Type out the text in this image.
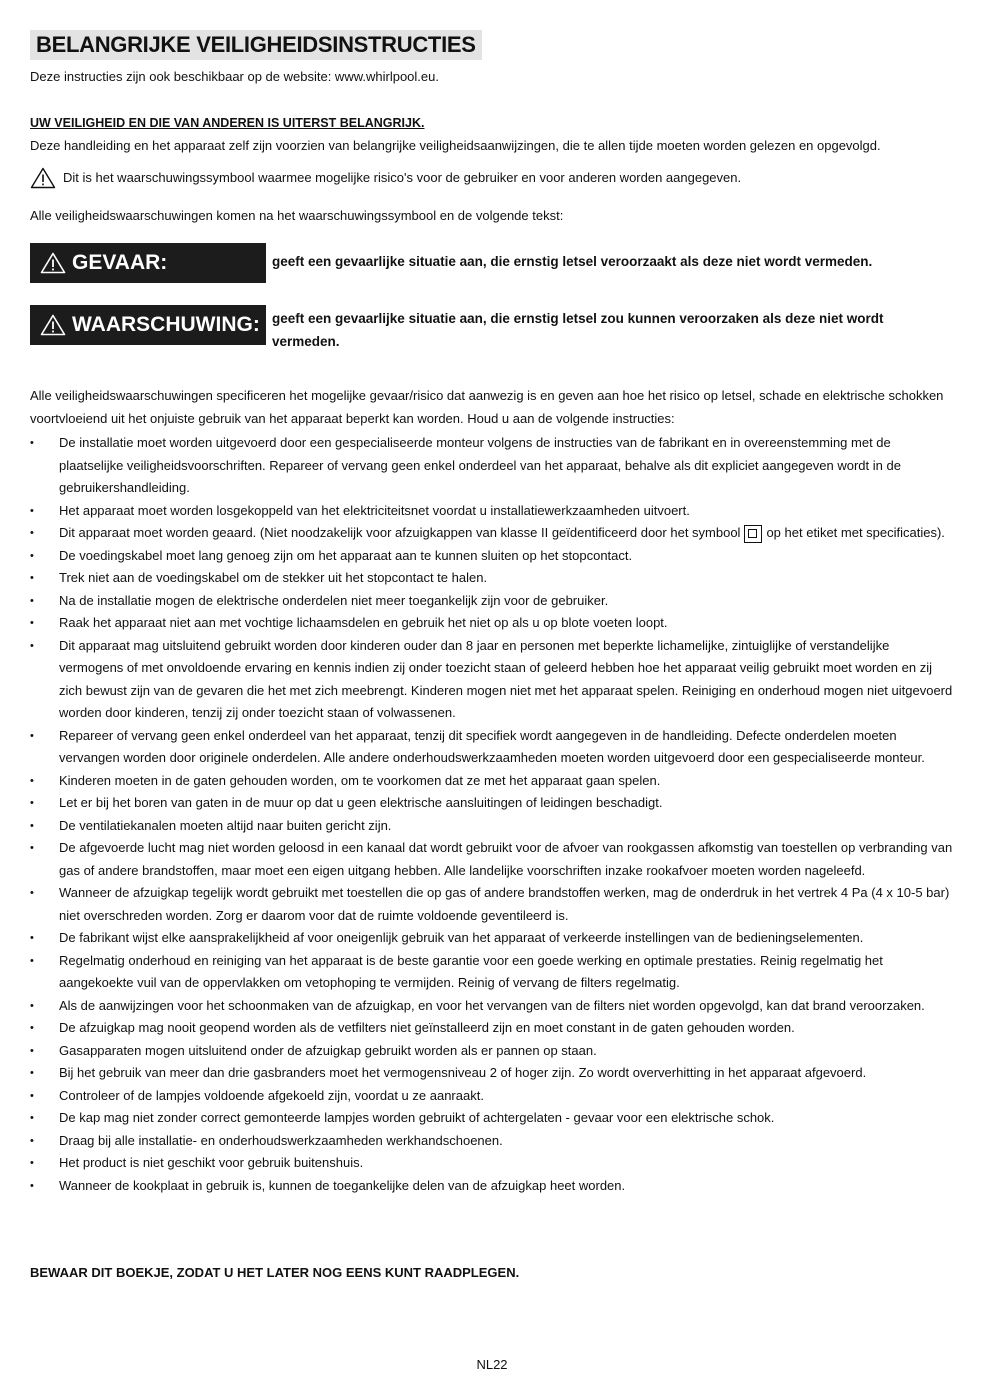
BELANGRIJKE VEILIGHEIDSINSTRUCTIES
Deze instructies zijn ook beschikbaar op de website: www.whirlpool.eu.
UW VEILIGHEID EN DIE VAN ANDEREN IS UITERST BELANGRIJK.
Deze handleiding en het apparaat zelf zijn voorzien van belangrijke veiligheidsaanwijzingen, die te allen tijde moeten worden gelezen en opgevolgd.
Dit is het waarschuwingssymbool waarmee mogelijke risico's voor de gebruiker en voor anderen worden aangegeven.
Alle veiligheidswaarschuwingen komen na het waarschuwingssymbool en de volgende tekst:
GEVAAR:	geeft een gevaarlijke situatie aan, die ernstig letsel veroorzaakt als deze niet wordt vermeden.
WAARSCHUWING: geeft een gevaarlijke situatie aan, die ernstig letsel zou kunnen veroorzaken als deze niet wordt vermeden.
Alle veiligheidswaarschuwingen specificeren het mogelijke gevaar/risico dat aanwezig is en geven aan hoe het risico op letsel, schade en elektrische schokken voortvloeiend uit het onjuiste gebruik van het apparaat beperkt kan worden. Houd u aan de volgende instructies:
• De installatie moet worden uitgevoerd door een gespecialiseerde monteur volgens de instructies van de fabrikant en in overeenstemming met de plaatselijke veiligheidsvoorschriften. Repareer of vervang geen enkel onderdeel van het apparaat, behalve als dit expliciet aangegeven wordt in de gebruikershandleiding.
• Het apparaat moet worden losgekoppeld van het elektriciteitsnet voordat u installatiewerkzaamheden uitvoert.
• Dit apparaat moet worden geaard. (Niet noodzakelijk voor afzuigkappen van klasse II geïdentificeerd door het symbool op het etiket met specificaties).
• De voedingskabel moet lang genoeg zijn om het apparaat aan te kunnen sluiten op het stopcontact.
• Trek niet aan de voedingskabel om de stekker uit het stopcontact te halen.
• Na de installatie mogen de elektrische onderdelen niet meer toegankelijk zijn voor de gebruiker.
• Raak het apparaat niet aan met vochtige lichaamsdelen en gebruik het niet op als u op blote voeten loopt.
• Dit apparaat mag uitsluitend gebruikt worden door kinderen ouder dan 8 jaar en personen met beperkte lichamelijke, zintuiglijke of verstandelijke vermogens of met onvoldoende ervaring en kennis indien zij onder toezicht staan of geleerd hebben hoe het apparaat veilig gebruikt moet worden en zij zich bewust zijn van de gevaren die het met zich meebrengt. Kinderen mogen niet met het apparaat spelen. Reiniging en onderhoud mogen niet uitgevoerd worden door kinderen, tenzij zij onder toezicht staan of volwassenen.
• Repareer of vervang geen enkel onderdeel van het apparaat, tenzij dit specifiek wordt aangegeven in de handleiding. Defecte onderdelen moeten vervangen worden door originele onderdelen. Alle andere onderhoudswerkzaamheden moeten worden uitgevoerd door een gespecialiseerde monteur.
• Kinderen moeten in de gaten gehouden worden, om te voorkomen dat ze met het apparaat gaan spelen.
• Let er bij het boren van gaten in de muur op dat u geen elektrische aansluitingen of leidingen beschadigt.
• De ventilatiekanalen moeten altijd naar buiten gericht zijn.
• De afgevoerde lucht mag niet worden geloosd in een kanaal dat wordt gebruikt voor de afvoer van rookgassen afkomstig van toestellen op verbranding van gas of andere brandstoffen, maar moet een eigen uitgang hebben. Alle landelijke voorschriften inzake rookafvoer moeten worden nageleefd.
• Wanneer de afzuigkap tegelijk wordt gebruikt met toestellen die op gas of andere brandstoffen werken, mag de onderdruk in het vertrek 4 Pa (4 x 10-5 bar) niet overschreden worden. Zorg er daarom voor dat de ruimte voldoende geventileerd is.
• De fabrikant wijst elke aansprakelijkheid af voor oneigenlijk gebruik van het apparaat of verkeerde instellingen van de bedieningselementen.
• Regelmatig onderhoud en reiniging van het apparaat is de beste garantie voor een goede werking en optimale prestaties. Reinig regelmatig het aangekoekte vuil van de oppervlakken om vetophoping te vermijden. Reinig of vervang de filters regelmatig.
• Als de aanwijzingen voor het schoonmaken van de afzuigkap, en voor het vervangen van de filters niet worden opgevolgd, kan dat brand veroorzaken.
• De afzuigkap mag nooit geopend worden als de vetfilters niet geïnstalleerd zijn en moet constant in de gaten gehouden worden.
• Gasapparaten mogen uitsluitend onder de afzuigkap gebruikt worden als er pannen op staan.
• Bij het gebruik van meer dan drie gasbranders moet het vermogensniveau 2 of hoger zijn. Zo wordt oververhitting in het apparaat afgevoerd.
• Controleer of de lampjes voldoende afgekoeld zijn, voordat u ze aanraakt.
• De kap mag niet zonder correct gemonteerde lampjes worden gebruikt of achtergelaten - gevaar voor een elektrische schok.
• Draag bij alle installatie- en onderhoudswerkzaamheden werkhandschoenen.
• Het product is niet geschikt voor gebruik buitenshuis.
• Wanneer de kookplaat in gebruik is, kunnen de toegankelijke delen van de afzuigkap heet worden.
BEWAAR DIT BOEKJE, ZODAT U HET LATER NOG EENS KUNT RAADPLEGEN.
NL22
